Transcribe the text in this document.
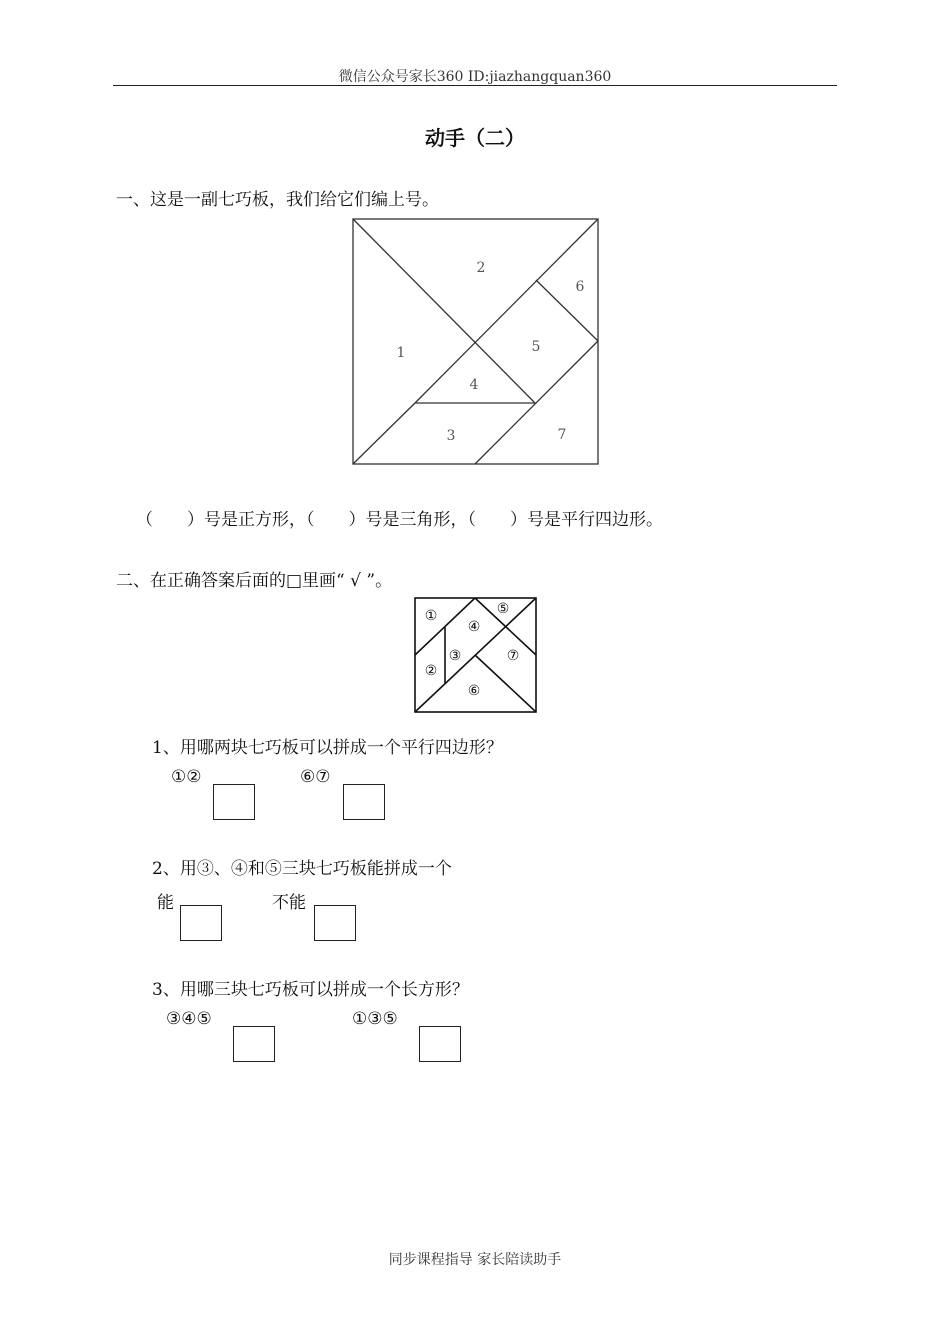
微信公众号家长360 ID:jiazhangquan360
动手（二）
一、这是一副七巧板，我们给它们编上号。
1
2
3
4
5
6
7
（　　）号是正方形，（　　）号是三角形，（　　）号是平行四边形。
二、在正确答案后面的□里画“ √ ”。
①
②
③
④
⑤
⑥
⑦
1、用哪两块七巧板可以拼成一个平行四边形？
①②	⑥⑦
2、用③、④和⑤三块七巧板能拼成一个
能	不能
3、用哪三块七巧板可以拼成一个长方形？
③④⑤	①③⑤
同步课程指导 家长陪读助手
